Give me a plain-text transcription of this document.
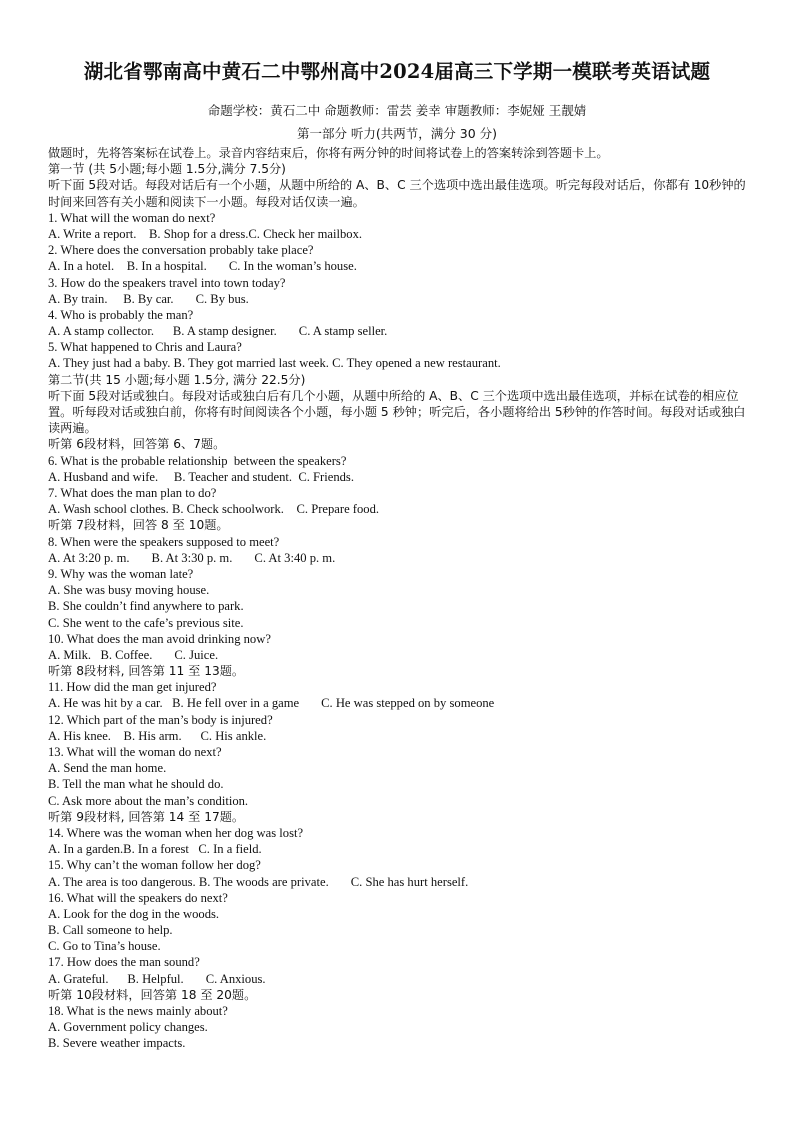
湖北省鄂南高中黄石二中鄂州高中2024届高三下学期一模联考英语试题
命题学校：黄石二中 命题教师：雷芸 姜幸 审题教师：李妮娅 王靓婧
第一部分 听力(共两节，满分 30 分)
做题时，先将答案标在试卷上。录音内容结束后，你将有两分钟的时间将试卷上的答案转涂到答题卡上。
第一节 (共 5小题;每小题 1.5分,满分 7.5分)
听下面 5段对话。每段对话后有一个小题，从题中所给的 A、B、C 三个选项中选出最佳选项。听完每段对话后，你都有 10秒钟的时间来回答有关小题和阅读下一小题。每段对话仅读一遍。
1. What will the woman do next?
A. Write a report.    B. Shop for a dress.C. Check her mailbox.
2. Where does the conversation probably take place?
A. In a hotel.    B. In a hospital.       C. In the woman’s house.
3. How do the speakers travel into town today?
A. By train.     B. By car.       C. By bus.
4. Who is probably the man?
A. A stamp collector.      B. A stamp designer.       C. A stamp seller.
5. What happened to Chris and Laura?
A. They just had a baby. B. They got married last week. C. They opened a new restaurant.
第二节(共 15 小题;每小题 1.5分, 满分 22.5分)
听下面 5段对话或独白。每段对话或独白后有几个小题，从题中所给的 A、B、C 三个选项中选出最佳选项，并标在试卷的相应位置。听每段对话或独白前，你将有时间阅读各个小题，每小题 5 秒钟；听完后，各小题将给出 5秒钟的作答时间。每段对话或独白读两遍。
听第 6段材料，回答第 6、7题。
6. What is the probable relationship  between the speakers?
A. Husband and wife.     B. Teacher and student.  C. Friends.
7. What does the man plan to do?
A. Wash school clothes. B. Check schoolwork.    C. Prepare food.
听第 7段材料，回答 8 至 10题。
8. When were the speakers supposed to meet?
A. At 3:20 p. m.       B. At 3:30 p. m.       C. At 3:40 p. m.
9. Why was the woman late?
A. She was busy moving house.
B. She couldn’t find anywhere to park.
C. She went to the cafe’s previous site.
10. What does the man avoid drinking now?
A. Milk.   B. Coffee.       C. Juice.
听第 8段材料, 回答第 11 至 13题。
11. How did the man get injured?
A. He was hit by a car.   B. He fell over in a game       C. He was stepped on by someone
12. Which part of the man’s body is injured?
A. His knee.    B. His arm.      C. His ankle.
13. What will the woman do next?
A. Send the man home.
B. Tell the man what he should do.
C. Ask more about the man’s condition.
听第 9段材料, 回答第 14 至 17题。
14. Where was the woman when her dog was lost?
A. In a garden.B. In a forest   C. In a field.
15. Why can’t the woman follow her dog?
A. The area is too dangerous. B. The woods are private.       C. She has hurt herself.
16. What will the speakers do next?
A. Look for the dog in the woods.
B. Call someone to help.
C. Go to Tina’s house.
17. How does the man sound?
A. Grateful.      B. Helpful.       C. Anxious.
听第 10段材料，回答第 18 至 20题。
18. What is the news mainly about?
A. Government policy changes.
B. Severe weather impacts.
